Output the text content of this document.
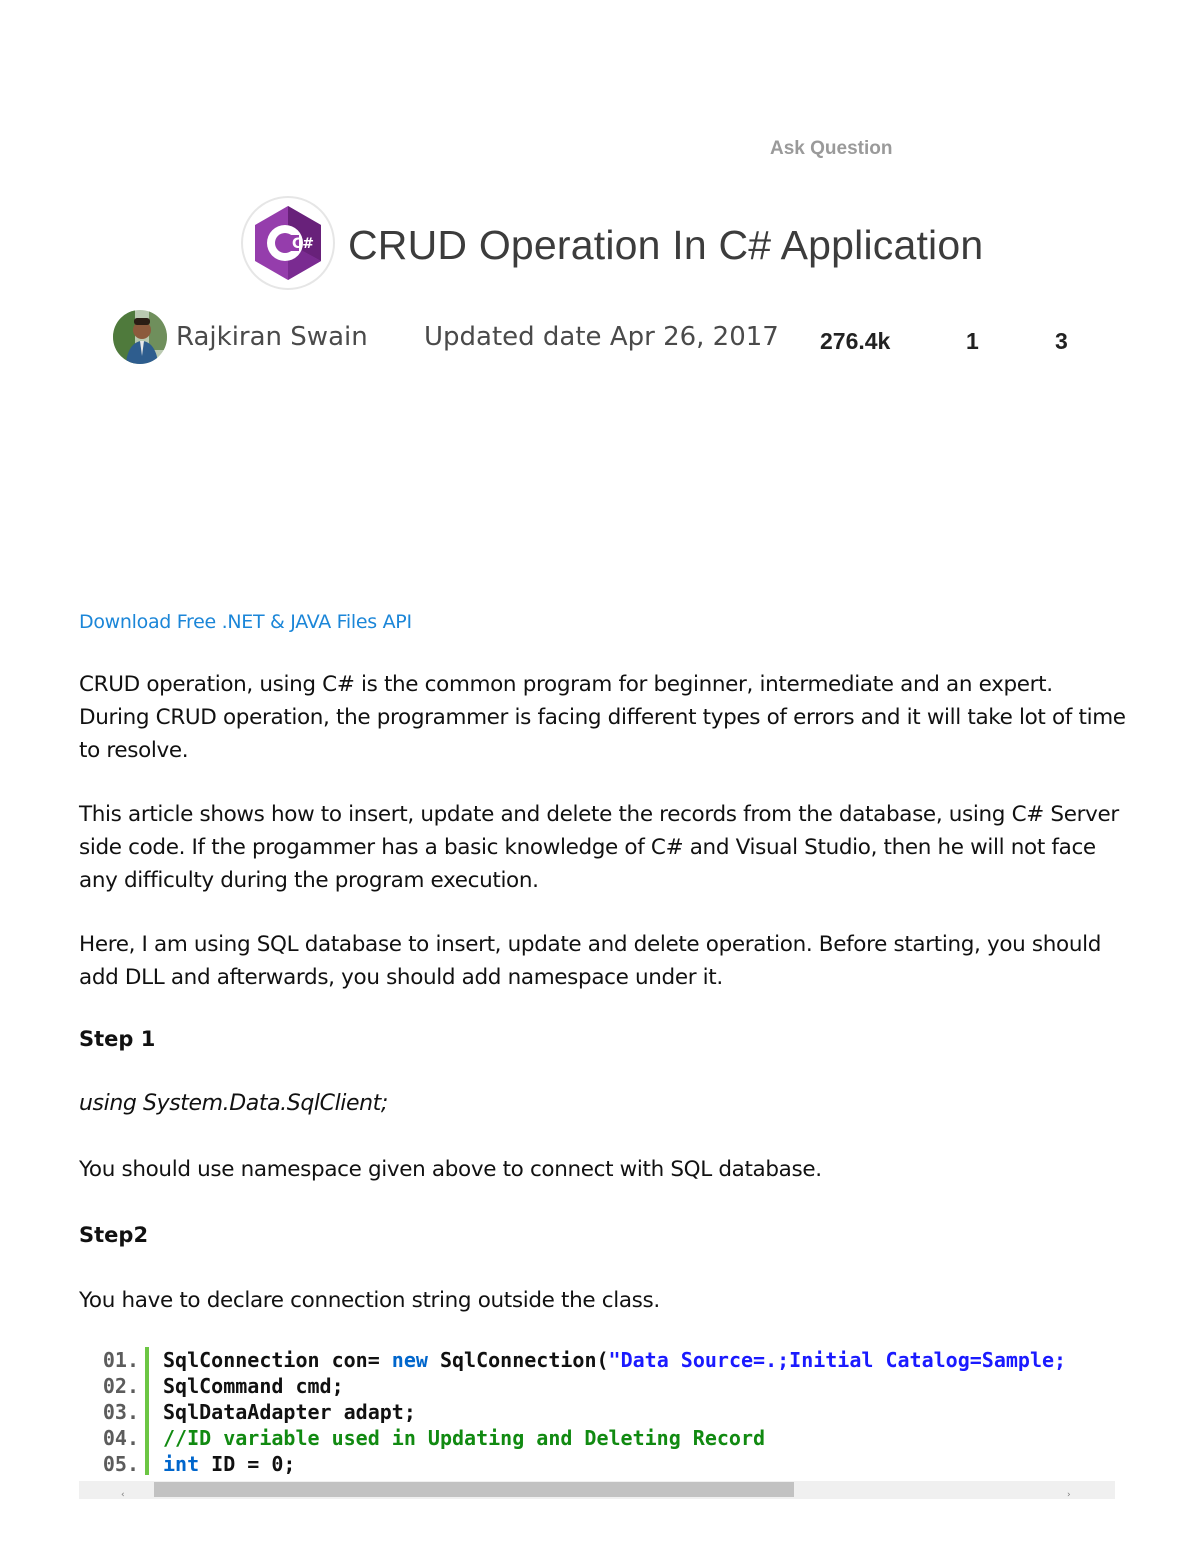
Ask Question
C# CRUD Operation In C# Application
Rajkiran Swain Updated date Apr 26, 2017 276.4k	1	3
Download Free .NET & JAVA Files API

CRUD operation, using C# is the common program for beginner, intermediate and an expert. During CRUD operation, the programmer is facing different types of errors and it will take lot of time to resolve.

This article shows how to insert, update and delete the records from the database, using C# Server side code. If the progammer has a basic knowledge of C# and Visual Studio, then he will not face any difficulty during the program execution.

Here, I am using SQL database to insert, update and delete operation. Before starting, you should add DLL and afterwards, you should add namespace under it.

Step 1
using System.Data.SqlClient;
You should use namespace given above to connect with SQL database.
Step2
You have to declare connection string outside the class.
01. SqlConnection con= new SqlConnection("Data Source=.;Initial Catalog=Sample;
02. SqlCommand cmd;
03. SqlDataAdapter adapt;
04. //ID variable used in Updating and Deleting Record
05. int ID = 0;
‹	›
